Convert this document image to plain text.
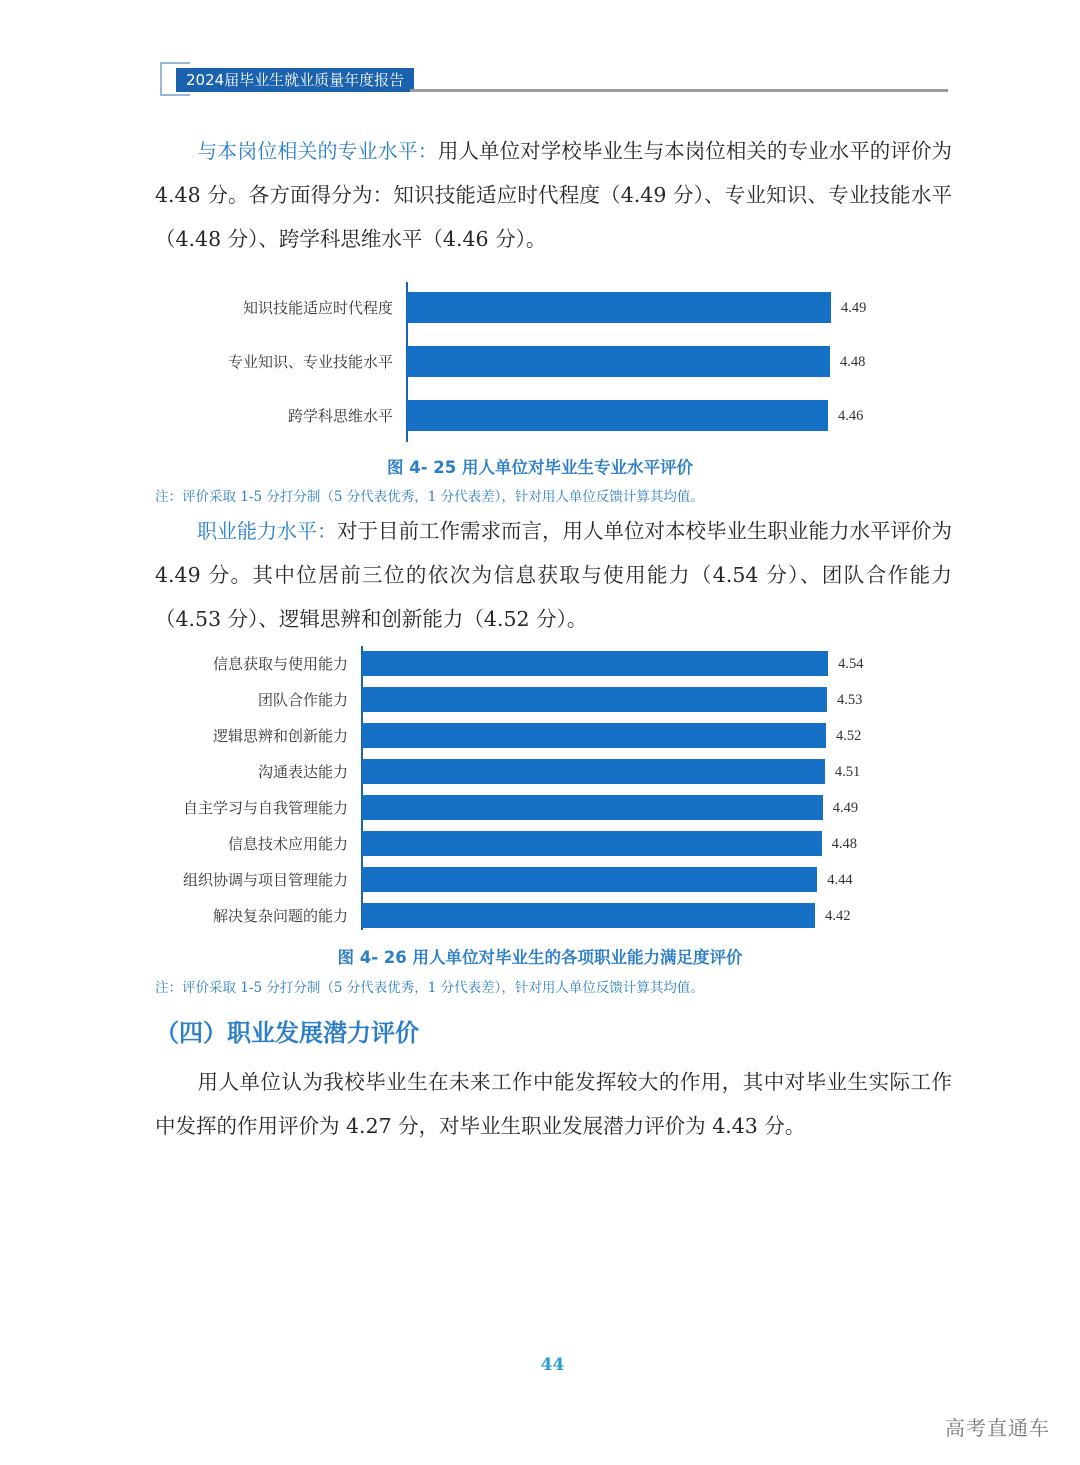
2024届毕业生就业质量年度报告
与本岗位相关的专业水平：用人单位对学校毕业生与本岗位相关的专业水平的评价为 4.48 分。各方面得分为：知识技能适应时代程度（4.49 分）、专业知识、专业技能水平（4.48 分）、跨学科思维水平（4.46 分）。
知识技能适应时代程度	4.49
专业知识、专业技能水平	4.48
跨学科思维水平	4.46
图 4- 25 用人单位对毕业生专业水平评价
注：评价采取 1-5 分打分制（5 分代表优秀，1 分代表差），针对用人单位反馈计算其均值。
职业能力水平：对于目前工作需求而言，用人单位对本校毕业生职业能力水平评价为 4.49 分。其中位居前三位的依次为信息获取与使用能力（4.54 分）、团队合作能力 （4.53 分）、逻辑思辨和创新能力（4.52 分）。
信息获取与使用能力	4.54
团队合作能力	4.53
逻辑思辨和创新能力	4.52
沟通表达能力	4.51
自主学习与自我管理能力	4.49
信息技术应用能力	4.48
组织协调与项目管理能力	4.44
解决复杂问题的能力	4.42
图 4- 26 用人单位对毕业生的各项职业能力满足度评价
注：评价采取 1-5 分打分制（5 分代表优秀，1 分代表差），针对用人单位反馈计算其均值。
（四）职业发展潜力评价
用人单位认为我校毕业生在未来工作中能发挥较大的作用，其中对毕业生实际工作中发挥的作用评价为 4.27 分，对毕业生职业发展潜力评价为 4.43 分。
44
高考直通车
